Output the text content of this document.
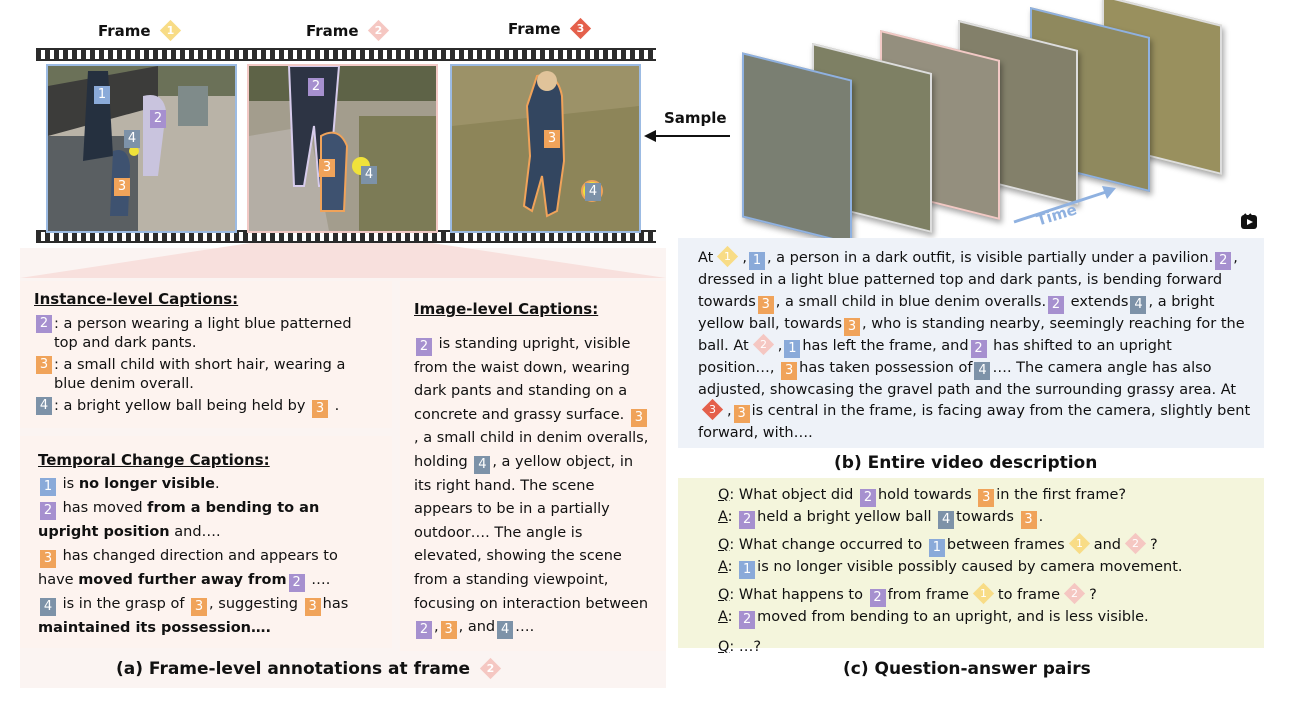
Frame	1	Frame	2	Frame	3
1
2
4
3
2
3	4
3
4
Sample
Time
Instance-level Captions:
2 : a person wearing a light blue patterned top and dark pants.
3 : a small child with short hair, wearing a blue denim overall.
4 : a bright yellow ball being held by 3 .
Temporal Change Captions:
1 is no longer visible.
2 has moved from a bending to an
upright position and….
3 has changed direction and appears to
have moved further away from 2 ….
4 is in the grasp of 3 , suggesting 3 has
maintained its possession….
Image-level Captions:
2 is standing upright, visible from the waist down, wearing dark pants and standing on a concrete and grassy surface. 3, a small child in denim overalls, holding 4 , a yellow object, in its right hand. The scene appears to be in a partially outdoor…. The angle is elevated, showing the scene from a standing viewpoint, focusing on interaction between 2 , 3 , and 4 ….
(a) Frame-level annotations at frame	2
At	1 , 1 , a person in a dark outfit, is visible partially under a pavilion. 2 , dressed in a light blue patterned top and dark pants, is bending forward towards 3 , a small child in blue denim overalls. 2 extends 4 , a bright yellow ball, towards 3 , who is standing nearby, seemingly reaching for the ball. At	2 , 1 has left the frame, and 2 has shifted to an upright position…, 3 has taken possession of 4 …. The camera angle has also adjusted, showcasing the gravel path and the surrounding grassy area. At
3 , 3 is central in the frame, is facing away from the camera, slightly bent forward, with….
(b) Entire video description
Q: What object did 2 hold towards 3 in the first frame?
A: 2 held a bright yellow ball 4 towards 3 .
Q: What change occurred to 1 between frames	1 and	2 ?
A: 1 is no longer visible possibly caused by camera movement.
Q: What happens to 2 from frame	1 to frame	2 ?
A: 2 moved from bending to an upright, and is less visible.
Q: …?
(c) Question-answer pairs
